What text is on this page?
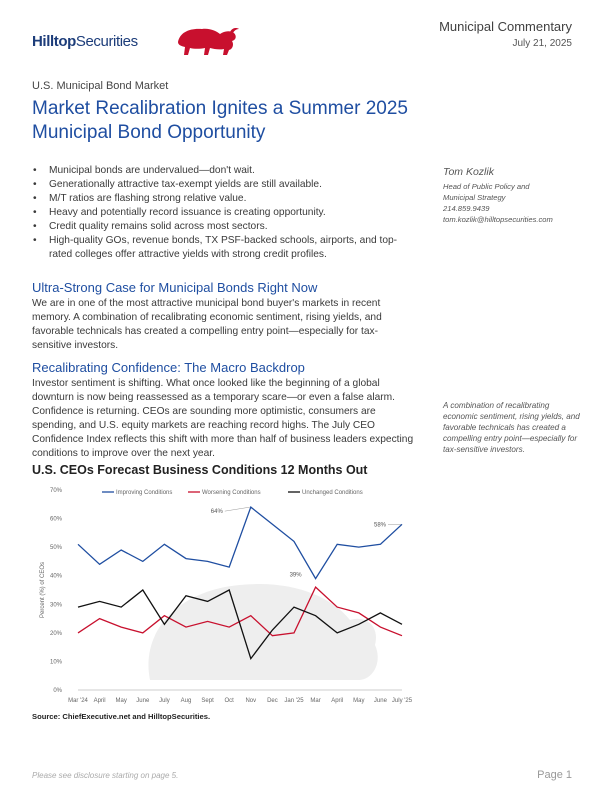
HilltopSecurities
Municipal Commentary
July 21, 2025
U.S. Municipal Bond Market
Market Recalibration Ignites a Summer 2025 Municipal Bond Opportunity
• Municipal bonds are undervalued—don't wait.
• Generationally attractive tax-exempt yields are still available.
• M/T ratios are flashing strong relative value.
• Heavy and potentially record issuance is creating opportunity.
• Credit quality remains solid across most sectors.
• High-quality GOs, revenue bonds, TX PSF-backed schools, airports, and top-rated colleges offer attractive yields with strong credit profiles.
Tom Kozlik
Head of Public Policy and
Municipal Strategy
214.859.9439
tom.kozlik@hilltopsecurities.com
Ultra-Strong Case for Municipal Bonds Right Now

We are in one of the most attractive municipal bond buyer's markets in recent memory. A combination of recalibrating economic sentiment, rising yields, and favorable technicals has created a compelling entry point—especially for tax-sensitive investors.

Recalibrating Confidence: The Macro Backdrop

Investor sentiment is shifting. What once looked like the beginning of a global downturn is now being reassessed as a temporary scare—or even a false alarm. Confidence is returning. CEOs are sounding more optimistic, consumers are spending, and U.S. equity markets are reaching record highs. The July CEO Confidence Index reflects this shift with more than half of business leaders expecting conditions to improve over the next year.

A combination of recalibrating economic sentiment, rising yields, and favorable technicals has created a compelling entry point—especially for tax-sensitive investors.
U.S. CEOs Forecast Business Conditions 12 Months Out
0%
10%
20%
30%
40%
50%
60%
70%
Percent (%) of CEOs
Mar '24 April May June July Aug Sept Oct Nov Dec Jan '25 Mar April May June July '25
Improving Conditions	Worsening Conditions	Unchanged Conditions
64%
39%
58%
Source: ChiefExecutive.net and HilltopSecurities.
Please see disclosure starting on page 5.	Page 1
